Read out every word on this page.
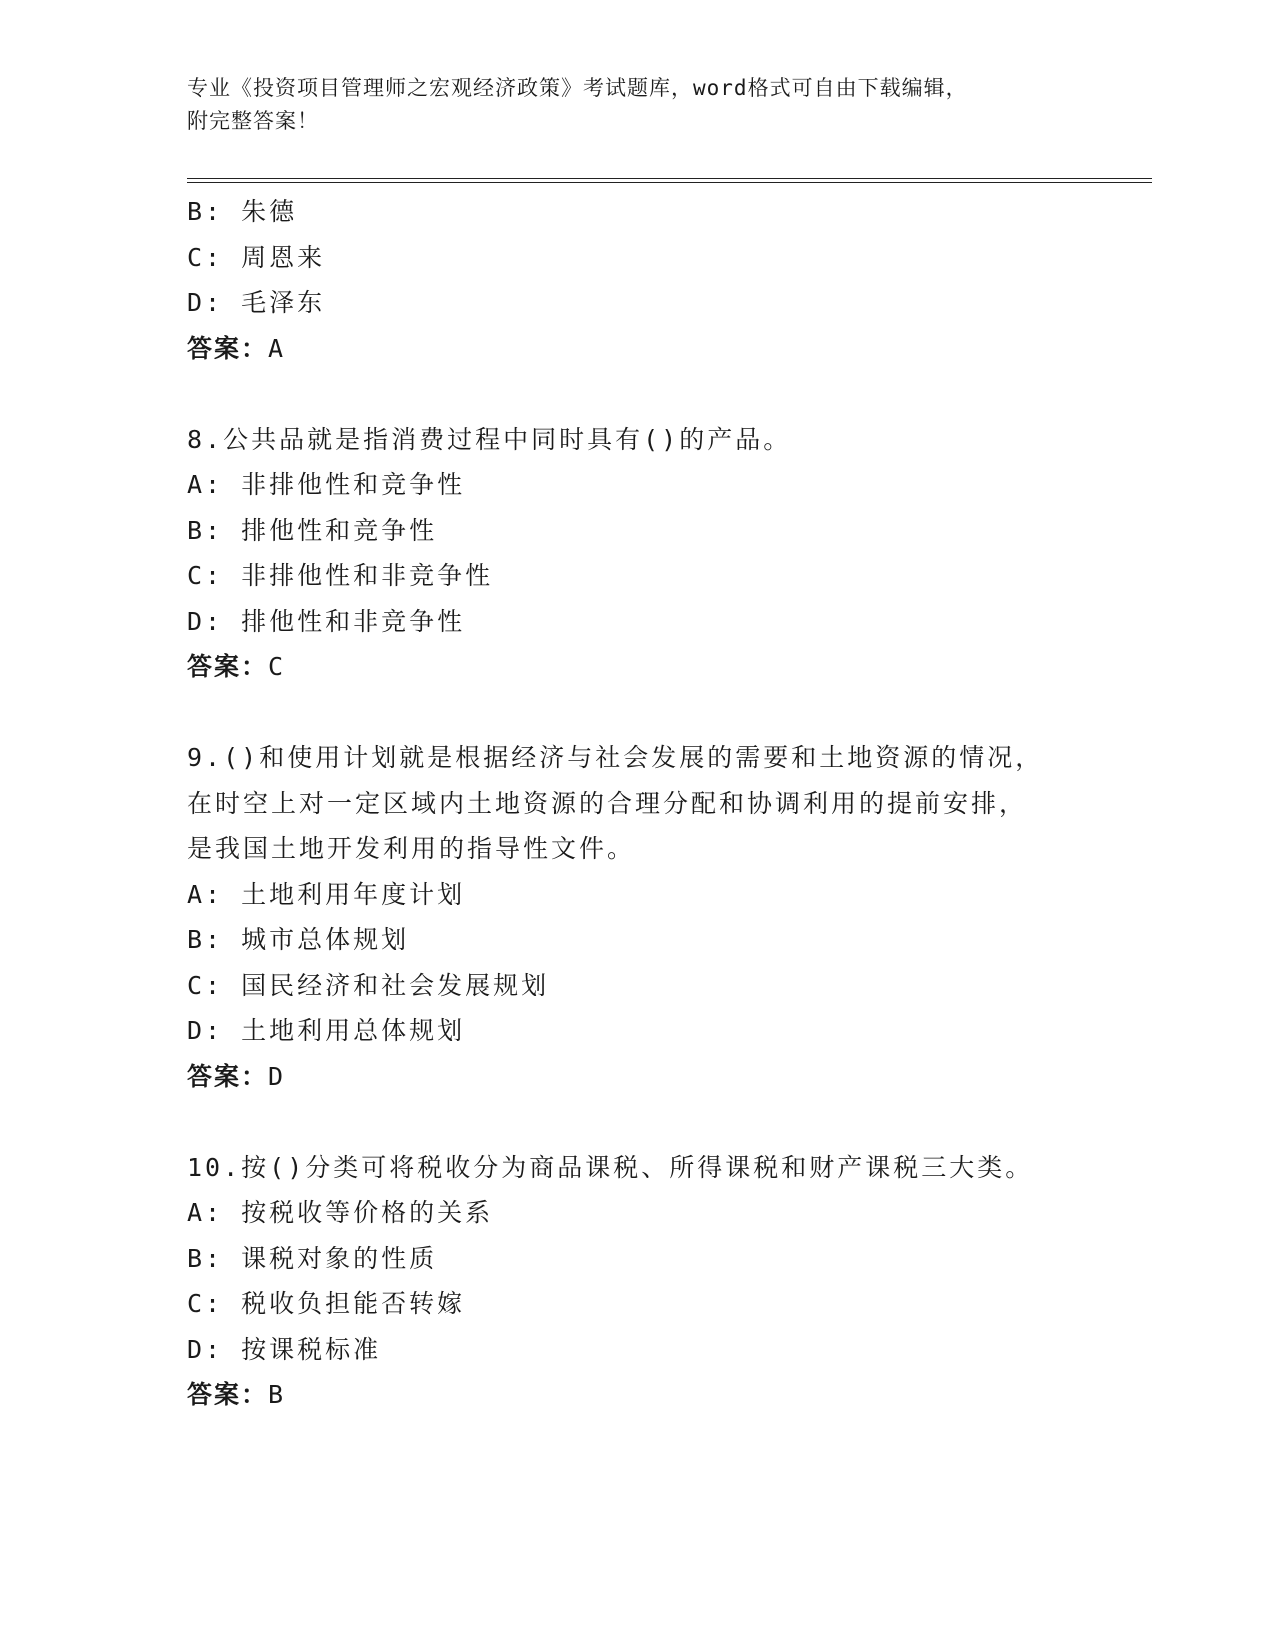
专业《投资项目管理师之宏观经济政策》考试题库，word格式可自由下载编辑，
附完整答案！

B: 朱德

C: 周恩来

D: 毛泽东

答案：A

8.公共品就是指消费过程中同时具有()的产品。

A: 非排他性和竞争性

B: 排他性和竞争性

C: 非排他性和非竞争性

D: 排他性和非竞争性

答案：C

9.()和使用计划就是根据经济与社会发展的需要和土地资源的情况，

在时空上对一定区域内土地资源的合理分配和协调利用的提前安排，

是我国土地开发利用的指导性文件。

A: 土地利用年度计划

B: 城市总体规划

C: 国民经济和社会发展规划

D: 土地利用总体规划

答案：D

10.按()分类可将税收分为商品课税、所得课税和财产课税三大类。

A: 按税收等价格的关系

B: 课税对象的性质

C: 税收负担能否转嫁

D: 按课税标准

答案：B
